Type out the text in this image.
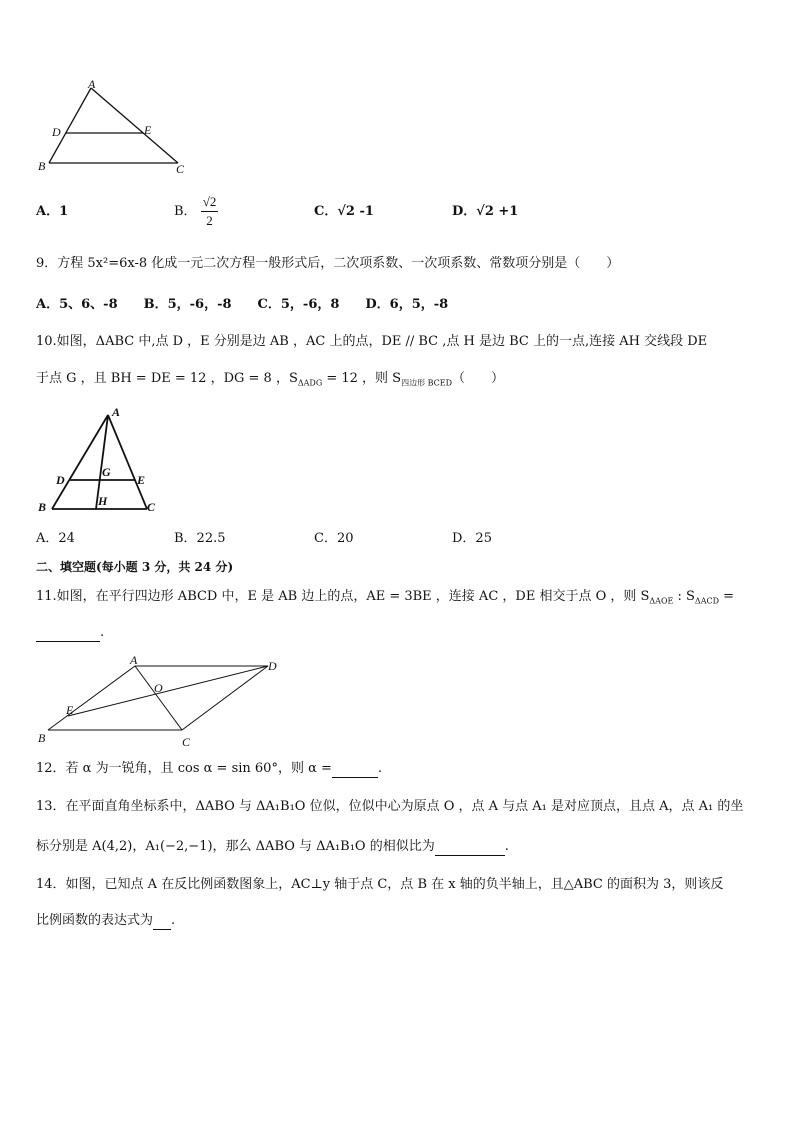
A
D	E
B	C
A．1	B． $\frac{√2}{2}$	C．√2 -1	D．√2 +1
9．方程 5x²=6x-8 化成一元二次方程一般形式后，二次项系数、一次项系数、常数项分别是（　　）
A．5、6、-8　　B．5，-6，-8　　C．5，-6，8　　D．6，5，-8
10.如图，ΔABC 中,点 D ，E 分别是边 AB ，AC 上的点，DE // BC ,点 H 是边 BC 上的一点,连接 AH 交线段 DE
于点 G ，且 BH = DE = 12 ，DG = 8 ，$S_{\Delta ADG} = 12$ ，则 $S_{四边形 BCED}$（　　）
A
D
G
E
B	H	C
A．24	B．22.5	C．20	D．25
二、填空题(每小题 3 分，共 24 分)
11.如图，在平行四边形 ABCD 中，E 是 AB 边上的点，AE = 3BE ，连接 AC ，DE 相交于点 O ，则 $S_{\Delta AOE}$ : $S_{\Delta ACD}$ =
.
A	D
O
E
B	C
12．若 α 为一锐角，且 cos α = sin 60°，则 α =	.
13．在平面直角坐标系中，ΔABO 与 ΔA₁B₁O 位似，位似中心为原点 O ，点 A 与点 A₁ 是对应顶点，且点 A，点 A₁ 的坐
标分别是 A(4,2)，A₁(−2,−1)，那么 ΔABO 与 ΔA₁B₁O 的相似比为	.
14．如图，已知点 A 在反比例函数图象上，AC⊥y 轴于点 C，点 B 在 x 轴的负半轴上，且△ABC 的面积为 3，则该反
比例函数的表达式为 .
